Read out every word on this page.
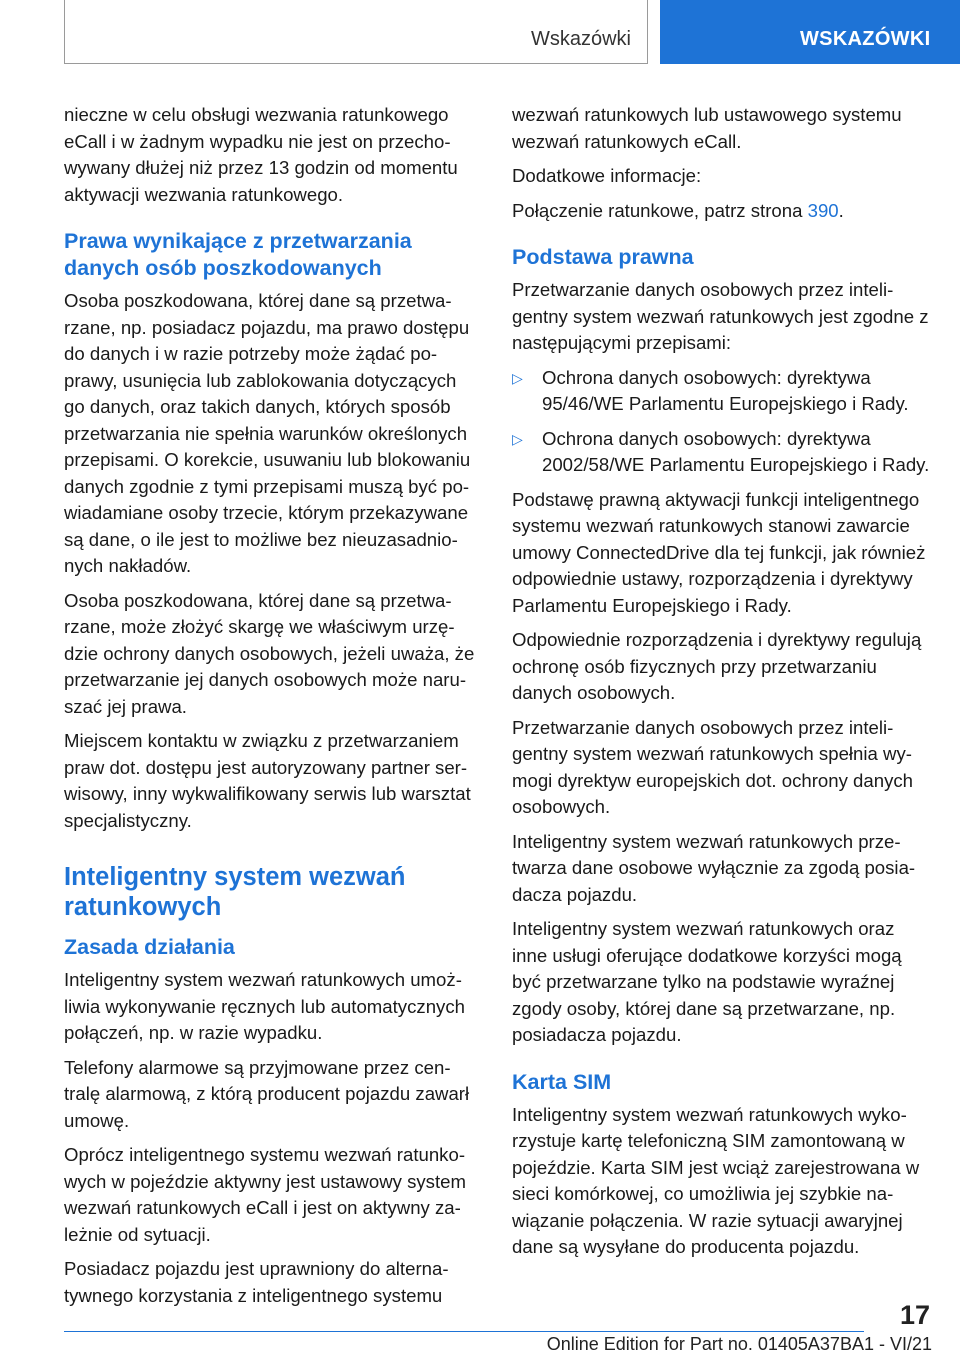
Wskazówki	WSKAZÓWKI

nieczne w celu obsługi wezwania ratunkowego eCall i w żadnym wypadku nie jest on przechowywany dłużej niż przez 13 godzin od momentu aktywacji wezwania ratunkowego.

Prawa wynikające z przetwarzania danych osób poszkodowanych

Osoba poszkodowana, której dane są przetwarzane, np. posiadacz pojazdu, ma prawo dostępu do danych i w razie potrzeby może żądać poprawy, usunięcia lub zablokowania dotyczących go danych, oraz takich danych, których sposób przetwarzania nie spełnia warunków określonych przepisami. O korekcie, usuwaniu lub blokowaniu danych zgodnie z tymi przepisami muszą być powiadamiane osoby trzecie, którym przekazywane są dane, o ile jest to możliwe bez nieuzasadnionych nakładów.

Osoba poszkodowana, której dane są przetwarzane, może złożyć skargę we właściwym urzędzie ochrony danych osobowych, jeżeli uważa, że przetwarzanie jej danych osobowych może naruszać jej prawa.

Miejscem kontaktu w związku z przetwarzaniem praw dot. dostępu jest autoryzowany partner serwisowy, inny wykwalifikowany serwis lub warsztat specjalistyczny.

Inteligentny system wezwań ratunkowych
Zasada działania

Inteligentny system wezwań ratunkowych umożliwia wykonywanie ręcznych lub automatycznych połączeń, np. w razie wypadku.

Telefony alarmowe są przyjmowane przez centralę alarmową, z którą producent pojazdu zawarł umowę.

Oprócz inteligentnego systemu wezwań ratunkowych w pojeździe aktywny jest ustawowy system wezwań ratunkowych eCall i jest on aktywny zależnie od sytuacji.

Posiadacz pojazdu jest uprawniony do alternatywnego korzystania z inteligentnego systemu

wezwań ratunkowych lub ustawowego systemu wezwań ratunkowych eCall.

Dodatkowe informacje:

Połączenie ratunkowe, patrz strona 390.

Podstawa prawna

Przetwarzanie danych osobowych przez inteligentny system wezwań ratunkowych jest zgodne z następującymi przepisami:

▷ Ochrona danych osobowych: dyrektywa 95/46/WE Parlamentu Europejskiego i Rady.
▷ Ochrona danych osobowych: dyrektywa 2002/58/WE Parlamentu Europejskiego i Rady.

Podstawę prawną aktywacji funkcji inteligentnego systemu wezwań ratunkowych stanowi zawarcie umowy ConnectedDrive dla tej funkcji, jak również odpowiednie ustawy, rozporządzenia i dyrektywy Parlamentu Europejskiego i Rady.

Odpowiednie rozporządzenia i dyrektywy regulują ochronę osób fizycznych przy przetwarzaniu danych osobowych.

Przetwarzanie danych osobowych przez inteligentny system wezwań ratunkowych spełnia wymogi dyrektyw europejskich dot. ochrony danych osobowych.

Inteligentny system wezwań ratunkowych przetwarza dane osobowe wyłącznie za zgodą posiadacza pojazdu.

Inteligentny system wezwań ratunkowych oraz inne usługi oferujące dodatkowe korzyści mogą być przetwarzane tylko na podstawie wyraźnej zgody osoby, której dane są przetwarzane, np. posiadacza pojazdu.

Karta SIM

Inteligentny system wezwań ratunkowych wykorzystuje kartę telefoniczną SIM zamontowaną w pojeździe. Karta SIM jest wciąż zarejestrowana w sieci komórkowej, co umożliwia jej szybkie nawiązanie połączenia. W razie sytuacji awaryjnej dane są wysyłane do producenta pojazdu.

17
Online Edition for Part no. 01405A37BA1 - VI/21
